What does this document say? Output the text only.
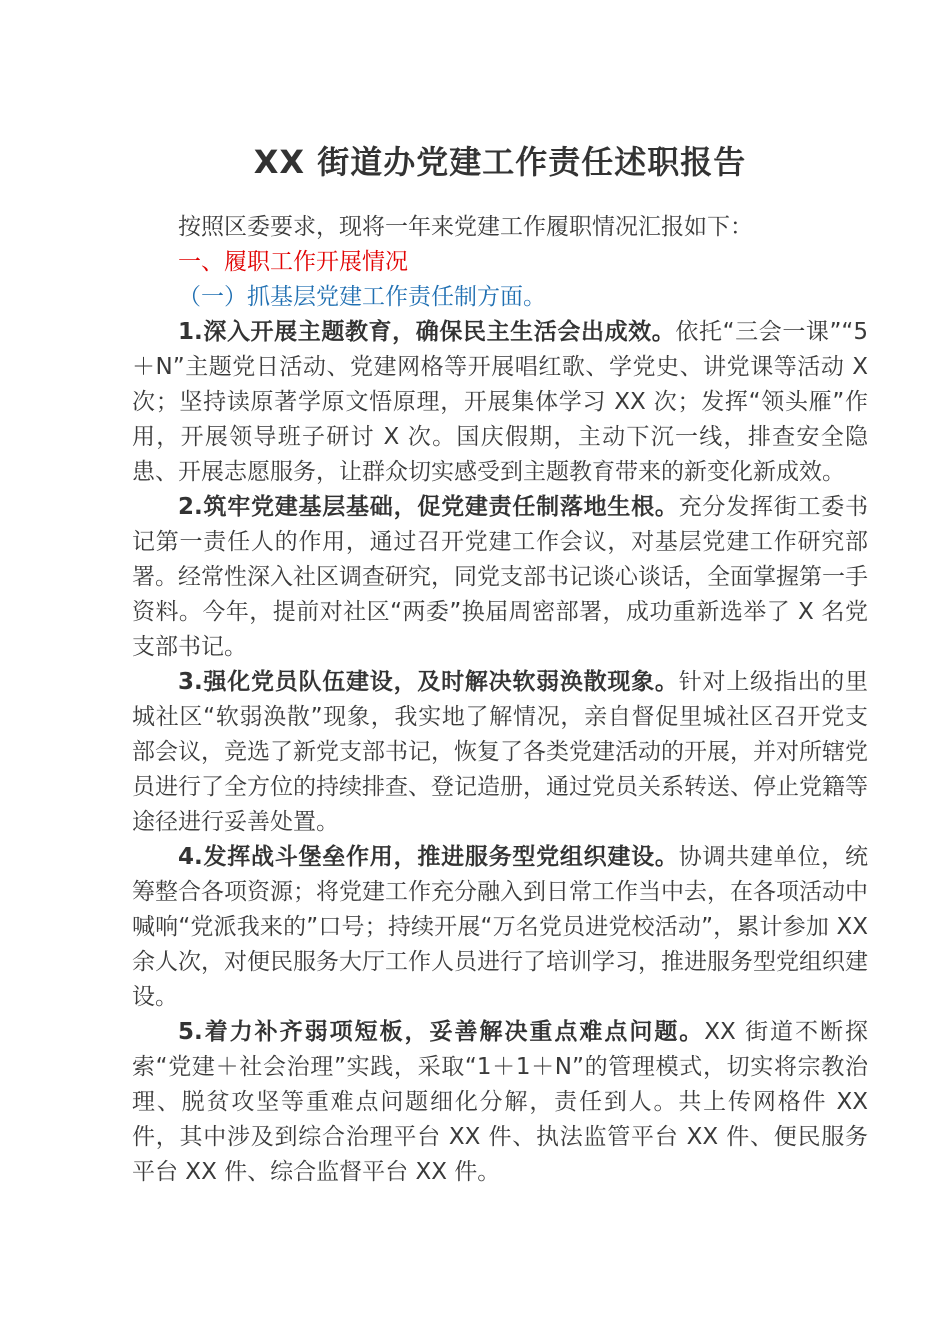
XX 街道办党建工作责任述职报告

按照区委要求，现将一年来党建工作履职情况汇报如下：

一、履职工作开展情况

（一）抓基层党建工作责任制方面。

1.深入开展主题教育，确保民主生活会出成效。依托“三会一课”“5＋N”主题党日活动、党建网格等开展唱红歌、学党史、讲党课等活动 X 次；坚持读原著学原文悟原理，开展集体学习 XX 次；发挥“领头雁”作用，开展领导班子研讨 X 次。国庆假期，主动下沉一线，排查安全隐患、开展志愿服务，让群众切实感受到主题教育带来的新变化新成效。

2.筑牢党建基层基础，促党建责任制落地生根。充分发挥街工委书记第一责任人的作用，通过召开党建工作会议，对基层党建工作研究部署。经常性深入社区调查研究，同党支部书记谈心谈话，全面掌握第一手资料。今年，提前对社区“两委”换届周密部署，成功重新选举了 X 名党支部书记。

3.强化党员队伍建设，及时解决软弱涣散现象。针对上级指出的里城社区“软弱涣散”现象，我实地了解情况，亲自督促里城社区召开党支部会议，竞选了新党支部书记，恢复了各类党建活动的开展，并对所辖党员进行了全方位的持续排查、登记造册，通过党员关系转送、停止党籍等途径进行妥善处置。

4.发挥战斗堡垒作用，推进服务型党组织建设。协调共建单位，统筹整合各项资源；将党建工作充分融入到日常工作当中去，在各项活动中喊响“党派我来的”口号；持续开展“万名党员进党校活动”，累计参加 XX 余人次，对便民服务大厅工作人员进行了培训学习，推进服务型党组织建设。

5.着力补齐弱项短板，妥善解决重点难点问题。XX 街道不断探索“党建＋社会治理”实践，采取“1＋1＋N”的管理模式，切实将宗教治理、脱贫攻坚等重难点问题细化分解，责任到人。共上传网格件 XX 件，其中涉及到综合治理平台 XX 件、执法监管平台 XX 件、便民服务平台 XX 件、综合监督平台 XX 件。
